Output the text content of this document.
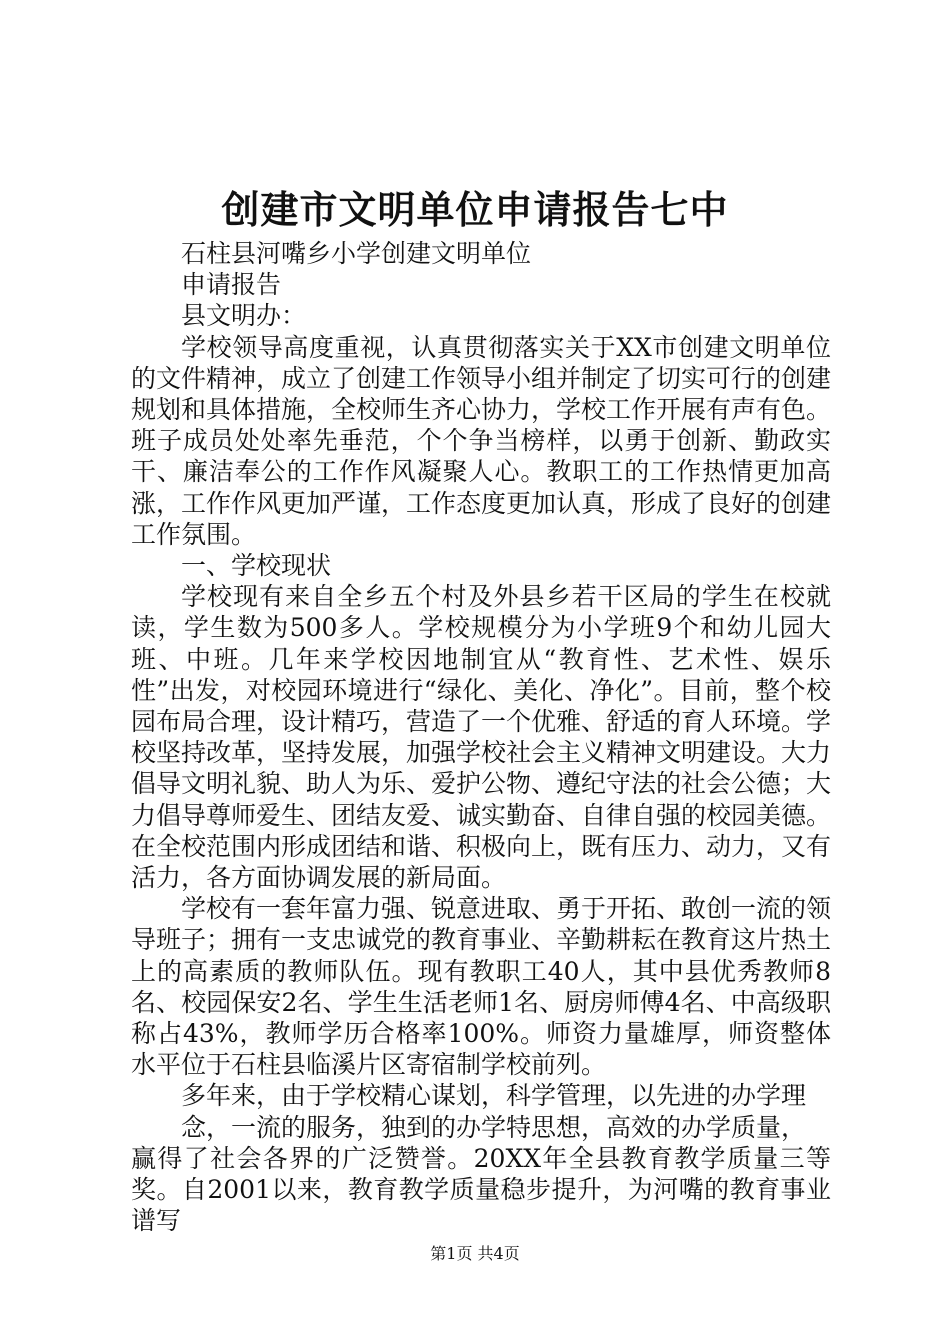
创建市文明单位申请报告七中

石柱县河嘴乡小学创建文明单位

申请报告

县文明办：

学校领导高度重视，认真贯彻落实关于XX市创建文明单位的文件精神，成立了创建工作领导小组并制定了切实可行的创建规划和具体措施，全校师生齐心协力，学校工作开展有声有色。班子成员处处率先垂范，个个争当榜样，以勇于创新、勤政实干、廉洁奉公的工作作风凝聚人心。教职工的工作热情更加高涨，工作作风更加严谨，工作态度更加认真，形成了良好的创建工作氛围。

一、学校现状

学校现有来自全乡五个村及外县乡若干区局的学生在校就读，学生数为500多人。学校规模分为小学班9个和幼儿园大班、中班。几年来学校因地制宜从“教育性、艺术性、娱乐性”出发，对校园环境进行“绿化、美化、净化”。目前，整个校园布局合理，设计精巧，营造了一个优雅、舒适的育人环境。学校坚持改革，坚持发展，加强学校社会主义精神文明建设。大力倡导文明礼貌、助人为乐、爱护公物、遵纪守法的社会公德；大力倡导尊师爱生、团结友爱、诚实勤奋、自律自强的校园美德。在全校范围内形成团结和谐、积极向上，既有压力、动力，又有活力，各方面协调发展的新局面。

学校有一套年富力强、锐意进取、勇于开拓、敢创一流的领导班子；拥有一支忠诚党的教育事业、辛勤耕耘在教育这片热土上的高素质的教师队伍。现有教职工40人，其中县优秀教师8名、校园保安2名、学生生活老师1名、厨房师傅4名、中高级职称占43%，教师学历合格率100%。师资力量雄厚，师资整体水平位于石柱县临溪片区寄宿制学校前列。

多年来，由于学校精心谋划，科学管理，以先进的办学理

念，一流的服务，独到的办学特思想，高效的办学质量，

赢得了社会各界的广泛赞誉。20XX年全县教育教学质量三等奖。自2001以来，教育教学质量稳步提升，为河嘴的教育事业谱写

第1页 共4页
